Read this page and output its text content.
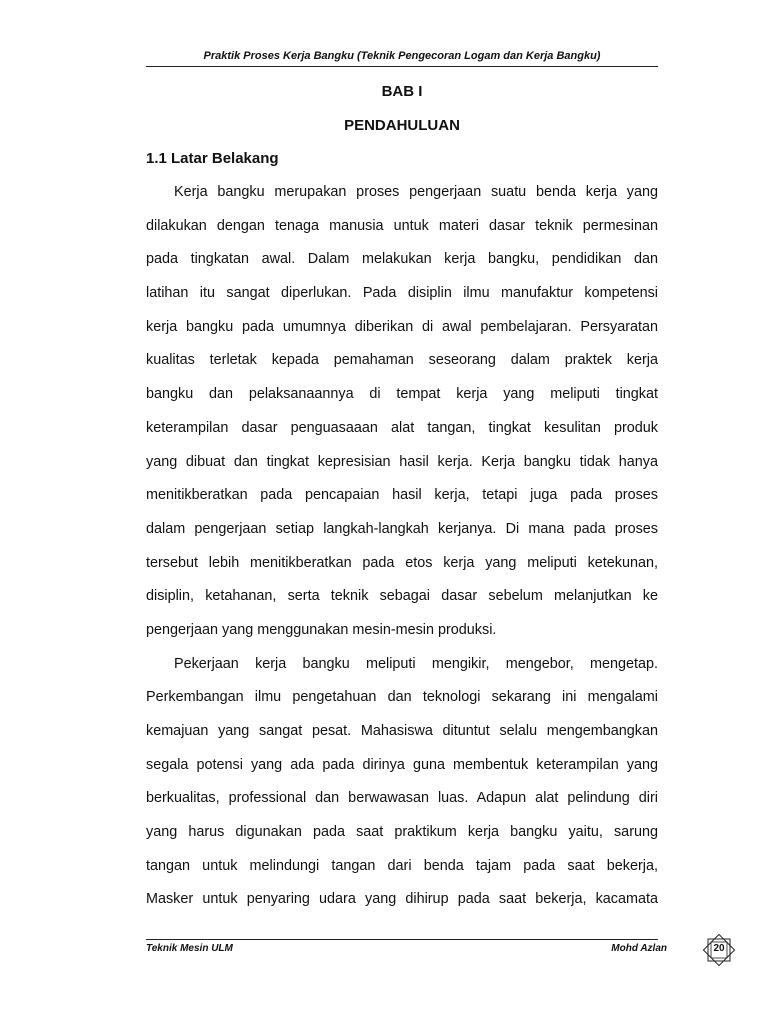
Praktik Proses Kerja Bangku (Teknik Pengecoran Logam dan Kerja Bangku)
BAB I
PENDAHULUAN
1.1 Latar Belakang
Kerja bangku merupakan proses pengerjaan suatu benda kerja yang
dilakukan dengan tenaga manusia untuk materi dasar teknik permesinan
pada tingkatan awal. Dalam melakukan kerja bangku, pendidikan dan
latihan itu sangat diperlukan. Pada disiplin ilmu manufaktur kompetensi
kerja bangku pada umumnya diberikan di awal pembelajaran. Persyaratan
kualitas terletak kepada pemahaman seseorang dalam praktek kerja
bangku dan pelaksanaannya di tempat kerja yang meliputi tingkat
keterampilan dasar penguasaaan alat tangan, tingkat kesulitan produk
yang dibuat dan tingkat kepresisian hasil kerja. Kerja bangku tidak hanya
menitikberatkan pada pencapaian hasil kerja, tetapi juga pada proses
dalam pengerjaan setiap langkah-langkah kerjanya. Di mana pada proses
tersebut lebih menitikberatkan pada etos kerja yang meliputi ketekunan,
disiplin, ketahanan, serta teknik sebagai dasar sebelum melanjutkan ke
pengerjaan yang menggunakan mesin-mesin produksi.
Pekerjaan kerja bangku meliputi mengikir, mengebor, mengetap.
Perkembangan ilmu pengetahuan dan teknologi sekarang ini mengalami
kemajuan yang sangat pesat. Mahasiswa dituntut selalu mengembangkan
segala potensi yang ada pada dirinya guna membentuk keterampilan yang
berkualitas, professional dan berwawasan luas. Adapun alat pelindung diri
yang harus digunakan pada saat praktikum kerja bangku yaitu, sarung
tangan untuk melindungi tangan dari benda tajam pada saat bekerja,
Masker untuk penyaring udara yang dihirup pada saat bekerja, kacamata
Teknik Mesin ULM	Mohd Azlan	20
